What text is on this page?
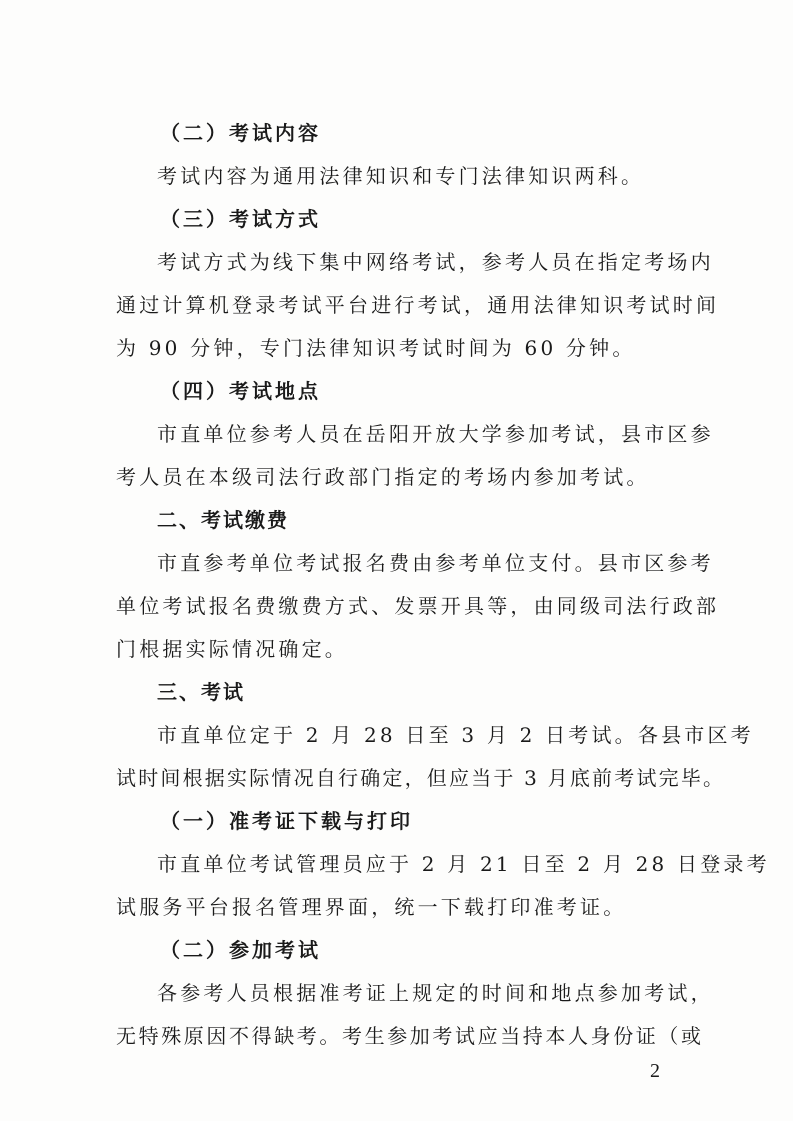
（二）考试内容
考试内容为通用法律知识和专门法律知识两科。
（三）考试方式
考试方式为线下集中网络考试，参考人员在指定考场内
通过计算机登录考试平台进行考试，通用法律知识考试时间
为 90 分钟，专门法律知识考试时间为 60 分钟。
（四）考试地点
市直单位参考人员在岳阳开放大学参加考试，县市区参
考人员在本级司法行政部门指定的考场内参加考试。
二、考试缴费
市直参考单位考试报名费由参考单位支付。县市区参考
单位考试报名费缴费方式、发票开具等，由同级司法行政部
门根据实际情况确定。
三、考试
市直单位定于 2 月 28 日至 3 月 2 日考试。各县市区考
试时间根据实际情况自行确定，但应当于 3 月底前考试完毕。
（一）准考证下载与打印
市直单位考试管理员应于 2 月 21 日至 2 月 28 日登录考
试服务平台报名管理界面，统一下载打印准考证。
（二）参加考试
各参考人员根据准考证上规定的时间和地点参加考试，
无特殊原因不得缺考。考生参加考试应当持本人身份证（或
2
